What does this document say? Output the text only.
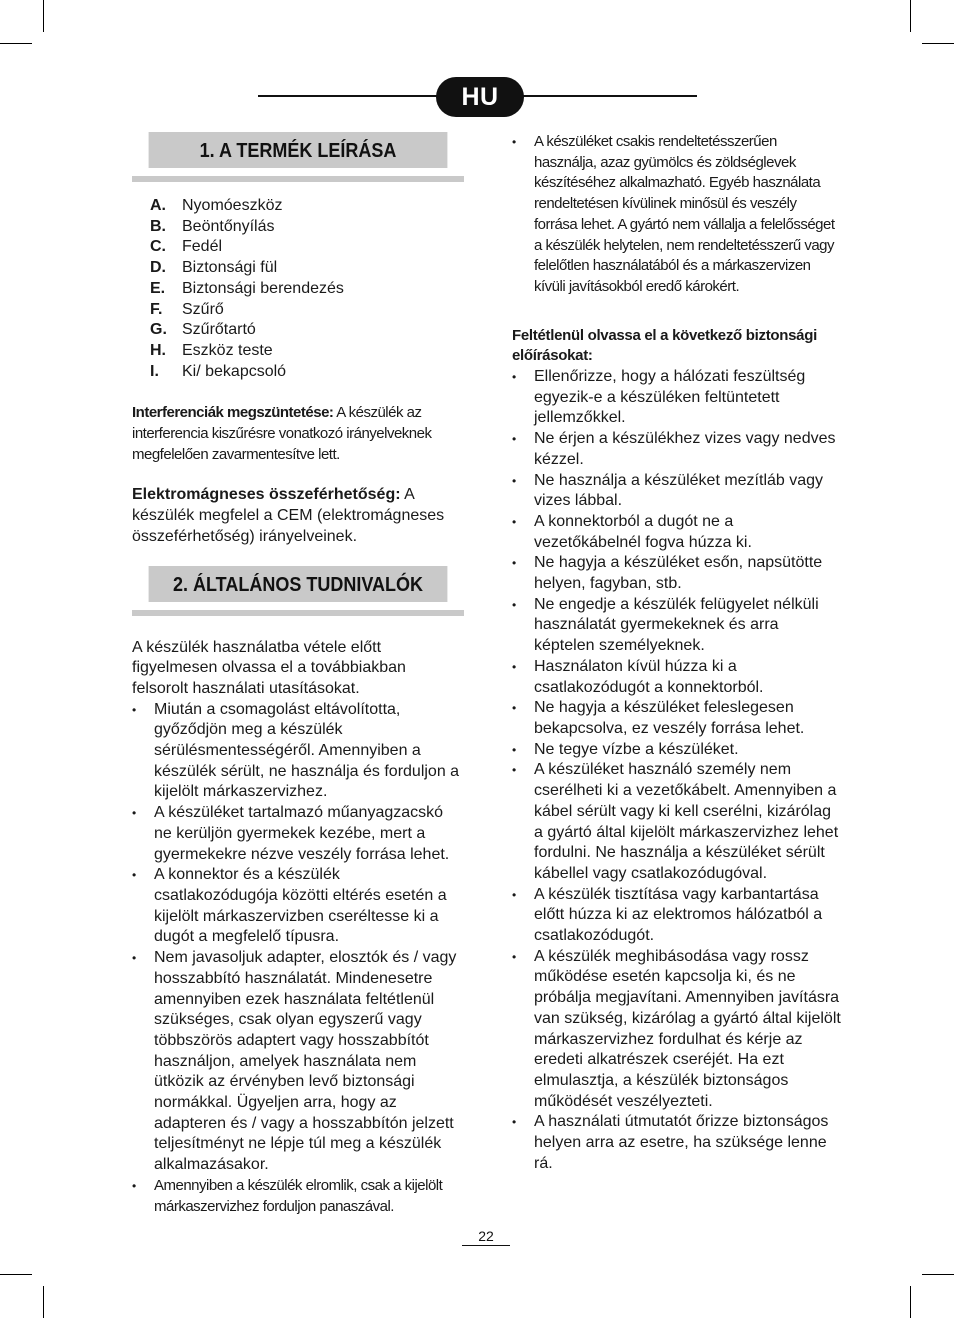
HU
1. A TERMÉK LEÍRÁSA
A.	Nyomóeszköz
B.	Beöntőnyílás
C.	Fedél
D.	Biztonsági fül
E.	Biztonsági berendezés
F.	Szűrő
G. Szűrőtartó
H.	Eszköz teste
I.	Ki/ bekapcsoló

Interferenciák megszüntetése: A készülék az interferencia kiszűrésre vonatkozó irányelveknek megfelelően zavarmentesítve lett.

Elektromágneses összeférhetőség: A készülék megfelel a CEM (elektromágneses összeférhetőség) irányelveinek.

2. ÁLTALÁNOS TUDNIVALÓK

A készülék használatba vétele előtt figyelmesen olvassa el a továbbiakban felsorolt használati utasításokat.

• Miután a csomagolást eltávolította, győződjön meg a készülék sérülésmentességéről. Amennyiben a készülék sérült, ne használja és forduljon a kijelölt márkaszervizhez.
• A készüléket tartalmazó műanyagzacskó ne kerüljön gyermekek kezébe, mert a gyermekekre nézve veszély forrása lehet.
• A konnektor és a készülék csatlakozódugója közötti eltérés esetén a kijelölt márkaszervizben cseréltesse ki a dugót a megfelelő típusra.
• Nem javasoljuk adapter, elosztók és / vagy hosszabbító használatát. Mindenesetre amennyiben ezek használata feltétlenül szükséges, csak olyan egyszerű vagy többszörös adaptert vagy hosszabbítót használjon, amelyek használata nem ütközik az érvényben levő biztonsági normákkal. Ügyeljen arra, hogy az adapteren és / vagy a hosszabbítón jelzett teljesítményt ne lépje túl meg a készülék alkalmazásakor.
• Amennyiben a készülék elromlik, csak a kijelölt márkaszervizhez forduljon panaszával.
• A készüléket csakis rendeltetésszerűen használja, azaz gyümölcs és zöldséglevek készítéséhez alkalmazható. Egyéb használata rendeltetésen kívülinek minősül és veszély forrása lehet. A gyártó nem vállalja a felelősséget a készülék helytelen, nem rendeltetésszerű vagy felelőtlen használatából és a márkaszervizen kívüli javításokból eredő károkért.

Feltétlenül olvassa el a következő biztonsági előírásokat:

• Ellenőrizze, hogy a hálózati feszültség egyezik-e a készüléken feltüntetett jellemzőkkel.
• Ne érjen a készülékhez vizes vagy nedves kézzel.
• Ne használja a készüléket mezítláb vagy vizes lábbal.
• A konnektorból a dugót ne a vezetőkábelnél fogva húzza ki.
• Ne hagyja a készüléket esőn, napsütötte helyen, fagyban, stb.
• Ne engedje a készülék felügyelet nélküli használatát gyermekeknek és arra képtelen személyeknek.
• Használaton kívül húzza ki a csatlakozódugót a konnektorból.
• Ne hagyja a készüléket feleslegesen bekapcsolva, ez veszély forrása lehet.
• Ne tegye vízbe a készüléket.
• A készüléket használó személy nem cserélheti ki a vezetőkábelt. Amennyiben a kábel sérült vagy ki kell cserélni, kizárólag a gyártó által kijelölt márkaszervizhez lehet fordulni. Ne használja a készüléket sérült kábellel vagy csatlakozódugóval.
• A készülék tisztítása vagy karbantartása előtt húzza ki az elektromos hálózatból a csatlakozódugót.
• A készülék meghibásodása vagy rossz működése esetén kapcsolja ki, és ne próbálja megjavítani. Amennyiben javításra van szükség, kizárólag a gyártó által kijelölt márkaszervizhez fordulhat és kérje az eredeti alkatrészek cseréjét. Ha ezt elmulasztja, a készülék biztonságos működését veszélyezteti.
• A használati útmutatót őrizze biztonságos helyen arra az esetre, ha szüksége lenne rá.
22
